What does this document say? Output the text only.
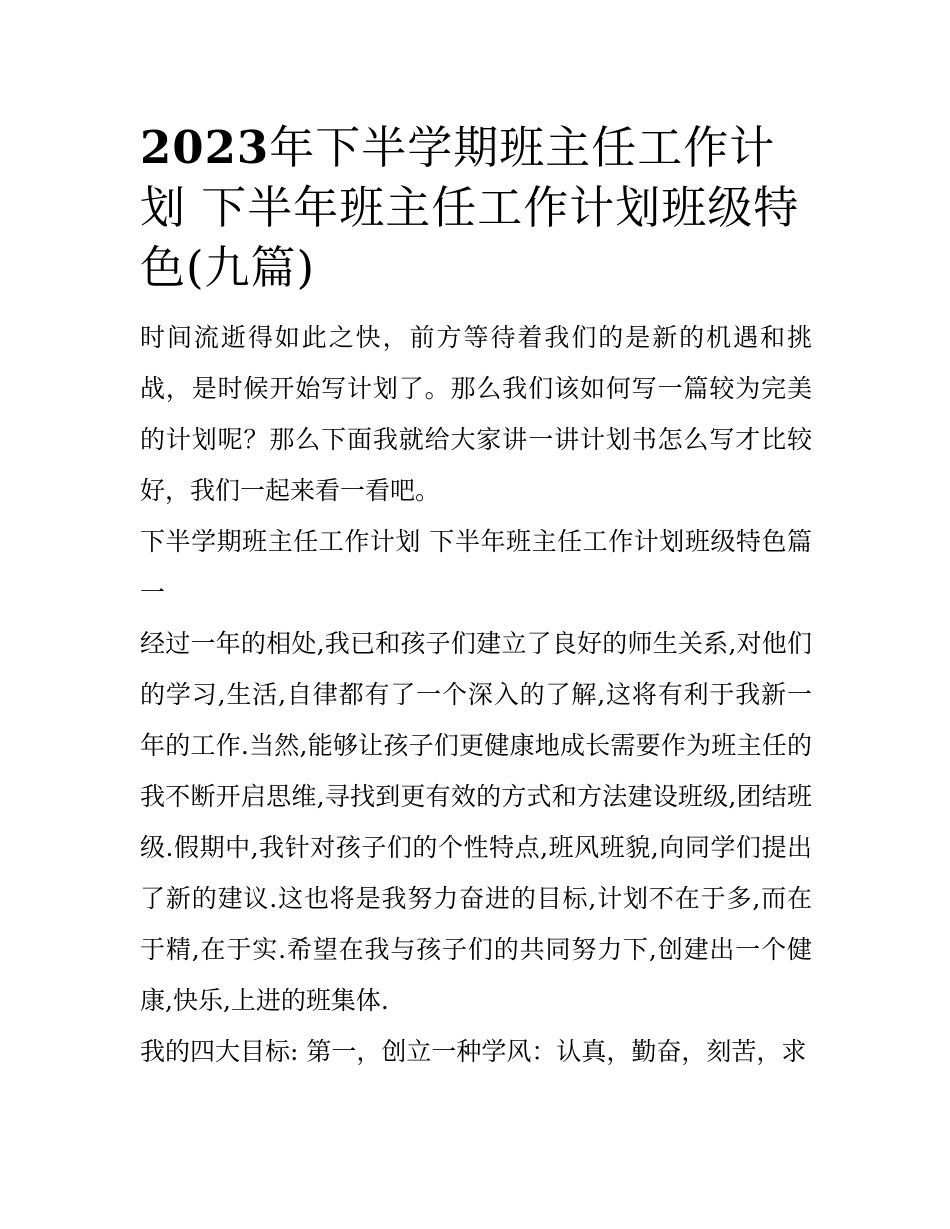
2023年下半学期班主任工作计划 下半年班主任工作计划班级特色(九篇)

时间流逝得如此之快，前方等待着我们的是新的机遇和挑战，是时候开始写计划了。那么我们该如何写一篇较为完美的计划呢？那么下面我就给大家讲一讲计划书怎么写才比较好，我们一起来看一看吧。

下半学期班主任工作计划 下半年班主任工作计划班级特色篇一

经过一年的相处,我已和孩子们建立了良好的师生关系,对他们的学习,生活,自律都有了一个深入的了解,这将有利于我新一年的工作.当然,能够让孩子们更健康地成长需要作为班主任的我不断开启思维,寻找到更有效的方式和方法建设班级,团结班级.假期中,我针对孩子们的个性特点,班风班貌,向同学们提出了新的建议.这也将是我努力奋进的目标,计划不在于多,而在于精,在于实.希望在我与孩子们的共同努力下,创建出一个健康,快乐,上进的班集体.

我的四大目标: 第一，创立一种学风：认真，勤奋，刻苦，求
